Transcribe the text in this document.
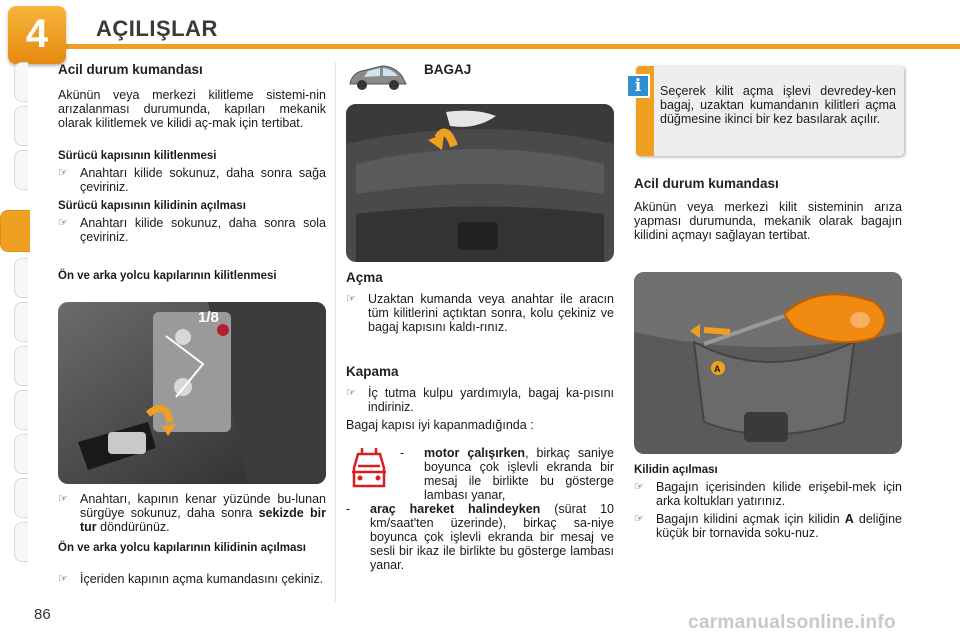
4	AÇILIŞLAR
Acil durum kumandası
Akünün veya merkezi kilitleme sistemi-nin arızalanması durumunda, kapıları mekanik olarak kilitlemek ve kilidi aç-mak için tertibat.
Sürücü kapısının kilitlenmesi
☞ Anahtarı kilide sokunuz, daha sonra sağa çeviriniz.
Sürücü kapısının kilidinin açılması
☞ Anahtarı kilide sokunuz, daha sonra sola çeviriniz.
Ön ve arka yolcu kapılarının kilitlenmesi
1/8
☞ Anahtarı, kapının kenar yüzünde bu-lunan sürgüye sokunuz, daha sonra sekizde bir tur döndürünüz.
Ön ve arka yolcu kapılarının kilidinin açılması
☞ İçeriden kapının açma kumandasını çekiniz.
BAGAJ
Açma
☞ Uzaktan kumanda veya anahtar ile aracın tüm kilitlerini açtıktan sonra, kolu çekiniz ve bagaj kapısını kaldı-rınız.
Kapama
☞ İç tutma kulpu yardımıyla, bagaj ka-pısını indiriniz.
Bagaj kapısı iyi kapanmadığında :
- motor çalışırken, birkaç saniye boyunca çok işlevli ekranda bir mesaj ile birlikte bu gösterge lambası yanar,
- araç hareket halindeyken (sürat 10 km/saat'ten üzerinde), birkaç sa-niye boyunca çok işlevli ekranda bir mesaj ve sesli bir ikaz ile birlikte bu gösterge lambası yanar.
i	Seçerek kilit açma işlevi devredey-ken bagaj, uzaktan kumandanın kilitleri açma düğmesine ikinci bir kez basılarak açılır.
Acil durum kumandası
Akünün veya merkezi kilit sisteminin arıza yapması durumunda, mekanik olarak bagajın kilidini açmayı sağlayan tertibat.
A
Kilidin açılması
☞ Bagajın içerisinden kilide erişebil-mek için arka koltukları yatırınız.
☞ Bagajın kilidini açmak için kilidin A deliğine küçük bir tornavida soku-nuz.
86	carmanualsonline.info
